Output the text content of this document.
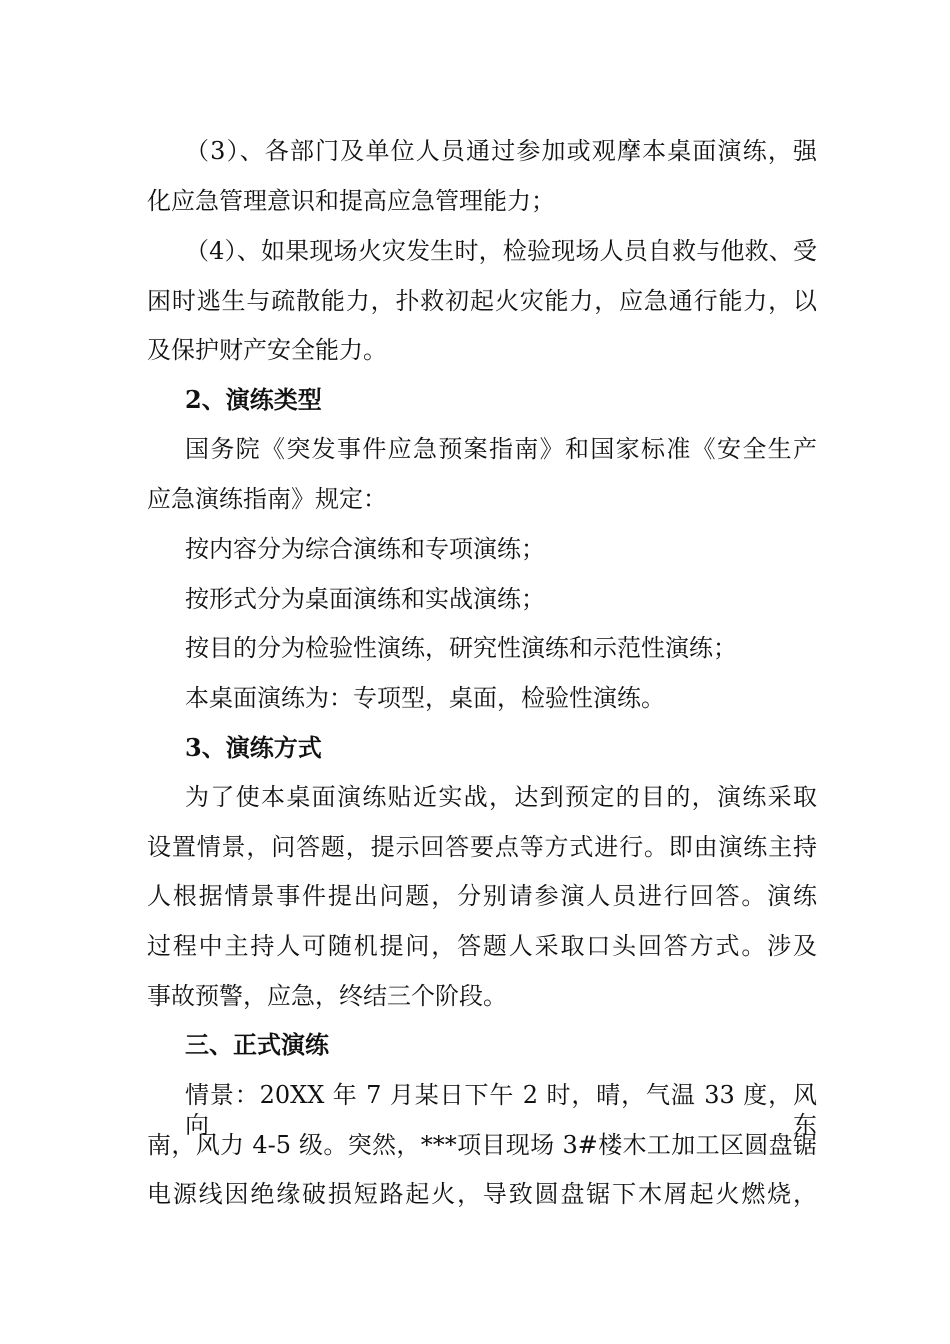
（3）、各部门及单位人员通过参加或观摩本桌面演练，强

化应急管理意识和提高应急管理能力；

（4）、如果现场火灾发生时，检验现场人员自救与他救、受

困时逃生与疏散能力，扑救初起火灾能力，应急通行能力，以

及保护财产安全能力。

2、演练类型

国务院《突发事件应急预案指南》和国家标准《安全生产

应急演练指南》规定：

按内容分为综合演练和专项演练；

按形式分为桌面演练和实战演练；

按目的分为检验性演练，研究性演练和示范性演练；

本桌面演练为：专项型，桌面，检验性演练。

3、演练方式

为了使本桌面演练贴近实战，达到预定的目的，演练采取

设置情景，问答题，提示回答要点等方式进行。即由演练主持

人根据情景事件提出问题，分别请参演人员进行回答。演练

过程中主持人可随机提问，答题人采取口头回答方式。涉及

事故预警，应急，终结三个阶段。

三、正式演练

情景：20XX 年 7 月某日下午 2 时，晴，气温 33 度，风向东

南，风力 4-5 级。突然，***项目现场 3#楼木工加工区圆盘锯

电源线因绝缘破损短路起火，导致圆盘锯下木屑起火燃烧，
